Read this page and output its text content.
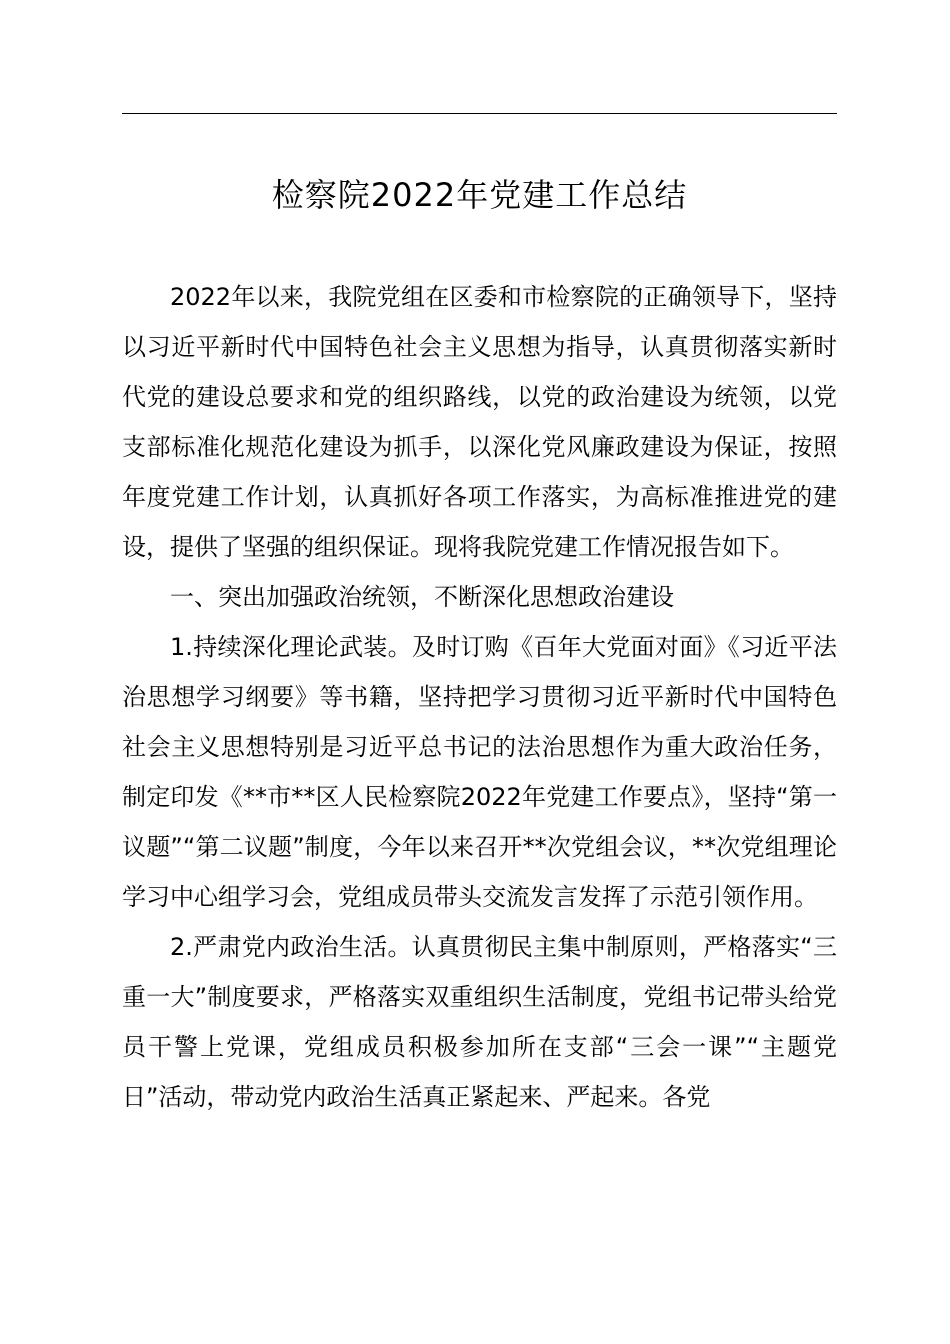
检察院2022年党建工作总结

2022年以来，我院党组在区委和市检察院的正确领导下，坚持以习近平新时代中国特色社会主义思想为指导，认真贯彻落实新时代党的建设总要求和党的组织路线，以党的政治建设为统领，以党支部标准化规范化建设为抓手，以深化党风廉政建设为保证，按照年度党建工作计划，认真抓好各项工作落实，为高标准推进党的建设，提供了坚强的组织保证。现将我院党建工作情况报告如下。

一、突出加强政治统领，不断深化思想政治建设

1.持续深化理论武装。及时订购《百年大党面对面》《习近平法治思想学习纲要》等书籍，坚持把学习贯彻习近平新时代中国特色社会主义思想特别是习近平总书记的法治思想作为重大政治任务，制定印发《**市**区人民检察院2022年党建工作要点》，坚持“第一议题”“第二议题”制度，今年以来召开**次党组会议，**次党组理论学习中心组学习会，党组成员带头交流发言发挥了示范引领作用。

2.严肃党内政治生活。认真贯彻民主集中制原则，严格落实“三重一大”制度要求，严格落实双重组织生活制度，党组书记带头给党员干警上党课，党组成员积极参加所在支部“三会一课”“主题党日”活动，带动党内政治生活真正紧起来、严起来。各党
